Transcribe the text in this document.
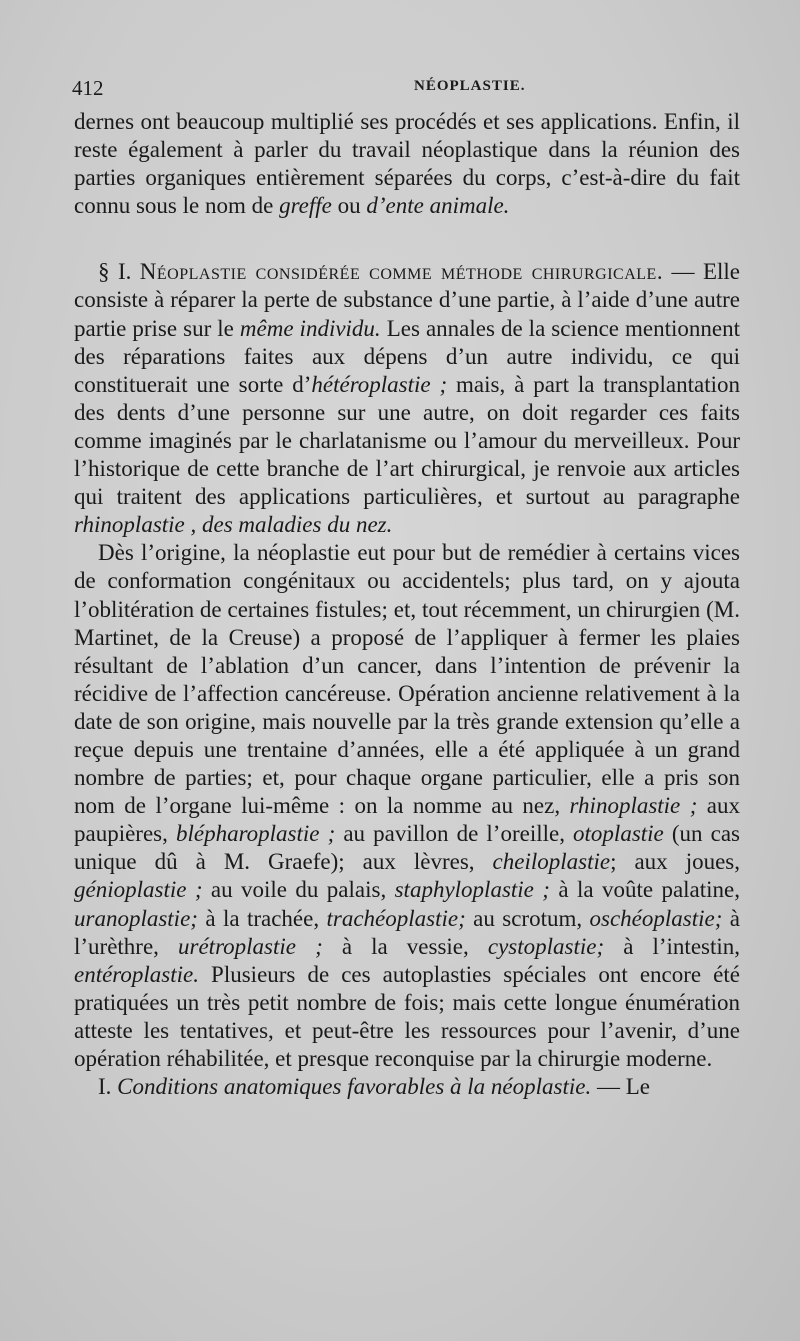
412	NÉOPLASTIE.

dernes ont beaucoup multiplié ses procédés et ses applications. Enfin, il reste également à parler du travail néoplastique dans la réunion des parties organiques entièrement séparées du corps, c’est-à-dire du fait connu sous le nom de greffe ou d’ente animale.

§ I. Néoplastie considérée comme méthode chirurgicale. — Elle consiste à réparer la perte de substance d’une partie, à l’aide d’une autre partie prise sur le même individu. Les annales de la science mentionnent des réparations faites aux dépens d’un autre individu, ce qui constituerait une sorte d’hétéroplastie ; mais, à part la transplantation des dents d’une personne sur une autre, on doit regarder ces faits comme imaginés par le charlatanisme ou l’amour du merveilleux. Pour l’historique de cette branche de l’art chirurgical, je renvoie aux articles qui traitent des applications particulières, et surtout au paragraphe rhinoplastie , des maladies du nez.

Dès l’origine, la néoplastie eut pour but de remédier à certains vices de conformation congénitaux ou accidentels; plus tard, on y ajouta l’oblitération de certaines fistules; et, tout récemment, un chirurgien (M. Martinet, de la Creuse) a proposé de l’appliquer à fermer les plaies résultant de l’ablation d’un cancer, dans l’intention de prévenir la récidive de l’affection cancéreuse. Opération ancienne relativement à la date de son origine, mais nouvelle par la très grande extension qu’elle a reçue depuis une trentaine d’années, elle a été appliquée à un grand nombre de parties; et, pour chaque organe particulier, elle a pris son nom de l’organe lui-même : on la nomme au nez, rhinoplastie ; aux paupières, blépharoplastie ; au pavillon de l’oreille, otoplastie (un cas unique dû à M. Graefe); aux lèvres, cheiloplastie; aux joues, génioplastie ; au voile du palais, staphyloplastie ; à la voûte palatine, uranoplastie; à la trachée, trachéoplastie; au scrotum, oschéoplastie; à l’urèthre, urétroplastie ; à la vessie, cystoplastie; à l’intestin, entéroplastie. Plusieurs de ces autoplasties spéciales ont encore été pratiquées un très petit nombre de fois; mais cette longue énumération atteste les tentatives, et peut-être les ressources pour l’avenir, d’une opération réhabilitée, et presque reconquise par la chirurgie moderne.

I. Conditions anatomiques favorables à la néoplastie. — Le
